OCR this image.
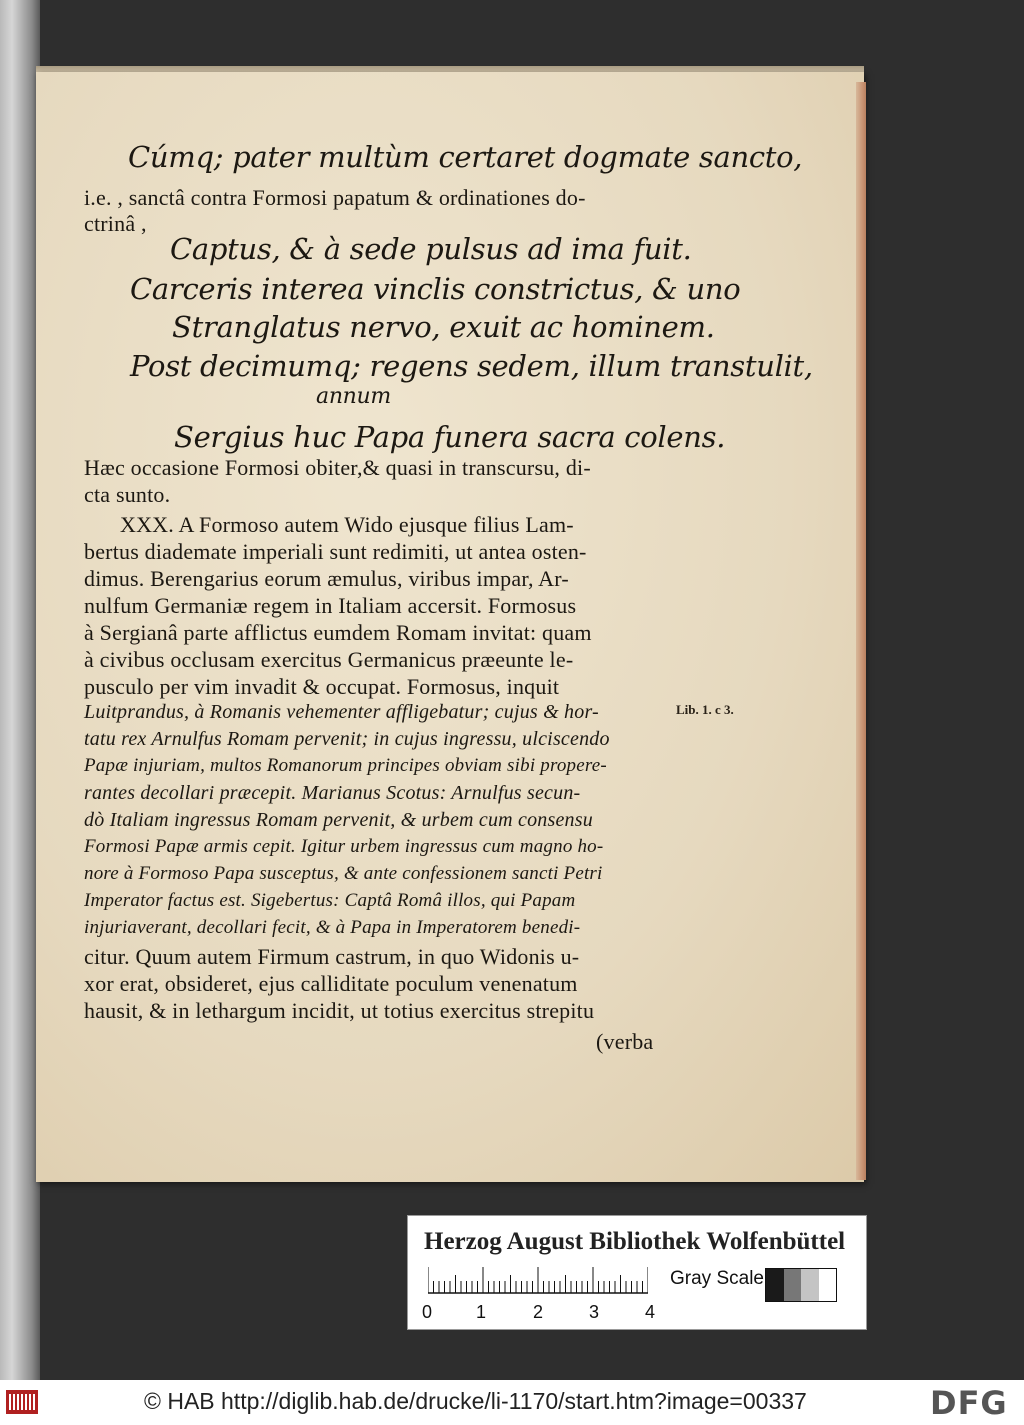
Cúmq; pater multùm certaret dogmate sancto,
i.e. , sanctâ contra Formosi papatum & ordinationes do-
ctrinâ ,
Captus, & à sede pulsus ad ima fuit.
Carceris interea vinclis constrictus, & uno
Stranglatus nervo, exuit ac hominem.
Post decimumq; regens sedem, illum transtulit,
annum
Sergius huc Papa funera sacra colens.
Hæc occasione Formosi obiter,& quasi in transcursu, di-
cta sunto.
XXX. A Formoso autem Wido ejusque filius Lam-
bertus diademate imperiali sunt redimiti, ut antea osten-
dimus. Berengarius eorum æmulus, viribus impar, Ar-
nulfum Germaniæ regem in Italiam accersit. Formosus
à Sergianâ parte afflictus eumdem Romam invitat: quam
à civibus occlusam exercitus Germanicus præeunte le-
pusculo per vim invadit & occupat. Formosus, inquit
Luitprandus, à Romanis vehementer affligebatur; cujus & hor-
tatu rex Arnulfus Romam pervenit; in cujus ingressu, ulciscendo
Papæ injuriam, multos Romanorum principes obviam sibi propere-
rantes decollari præcepit. Marianus Scotus: Arnulfus secun-
dò Italiam ingressus Romam pervenit, & urbem cum consensu
Formosi Papæ armis cepit. Igitur urbem ingressus cum magno ho-
nore à Formoso Papa susceptus, & ante confessionem sancti Petri
Imperator factus est. Sigebertus: Captâ Româ illos, qui Papam
injuriaverant, decollari fecit, & à Papa in Imperatorem benedi-
citur. Quum autem Firmum castrum, in quo Widonis u-
xor erat, obsideret, ejus calliditate poculum venenatum
hausit, & in lethargum incidit, ut totius exercitus strepitu
(verba
Lib. 1. c 3.
Herzog August Bibliothek Wolfenbüttel
0 1	2	3	4
Gray Scale
© HAB http://diglib.hab.de/drucke/li-1170/start.htm?image=00337	DFG
